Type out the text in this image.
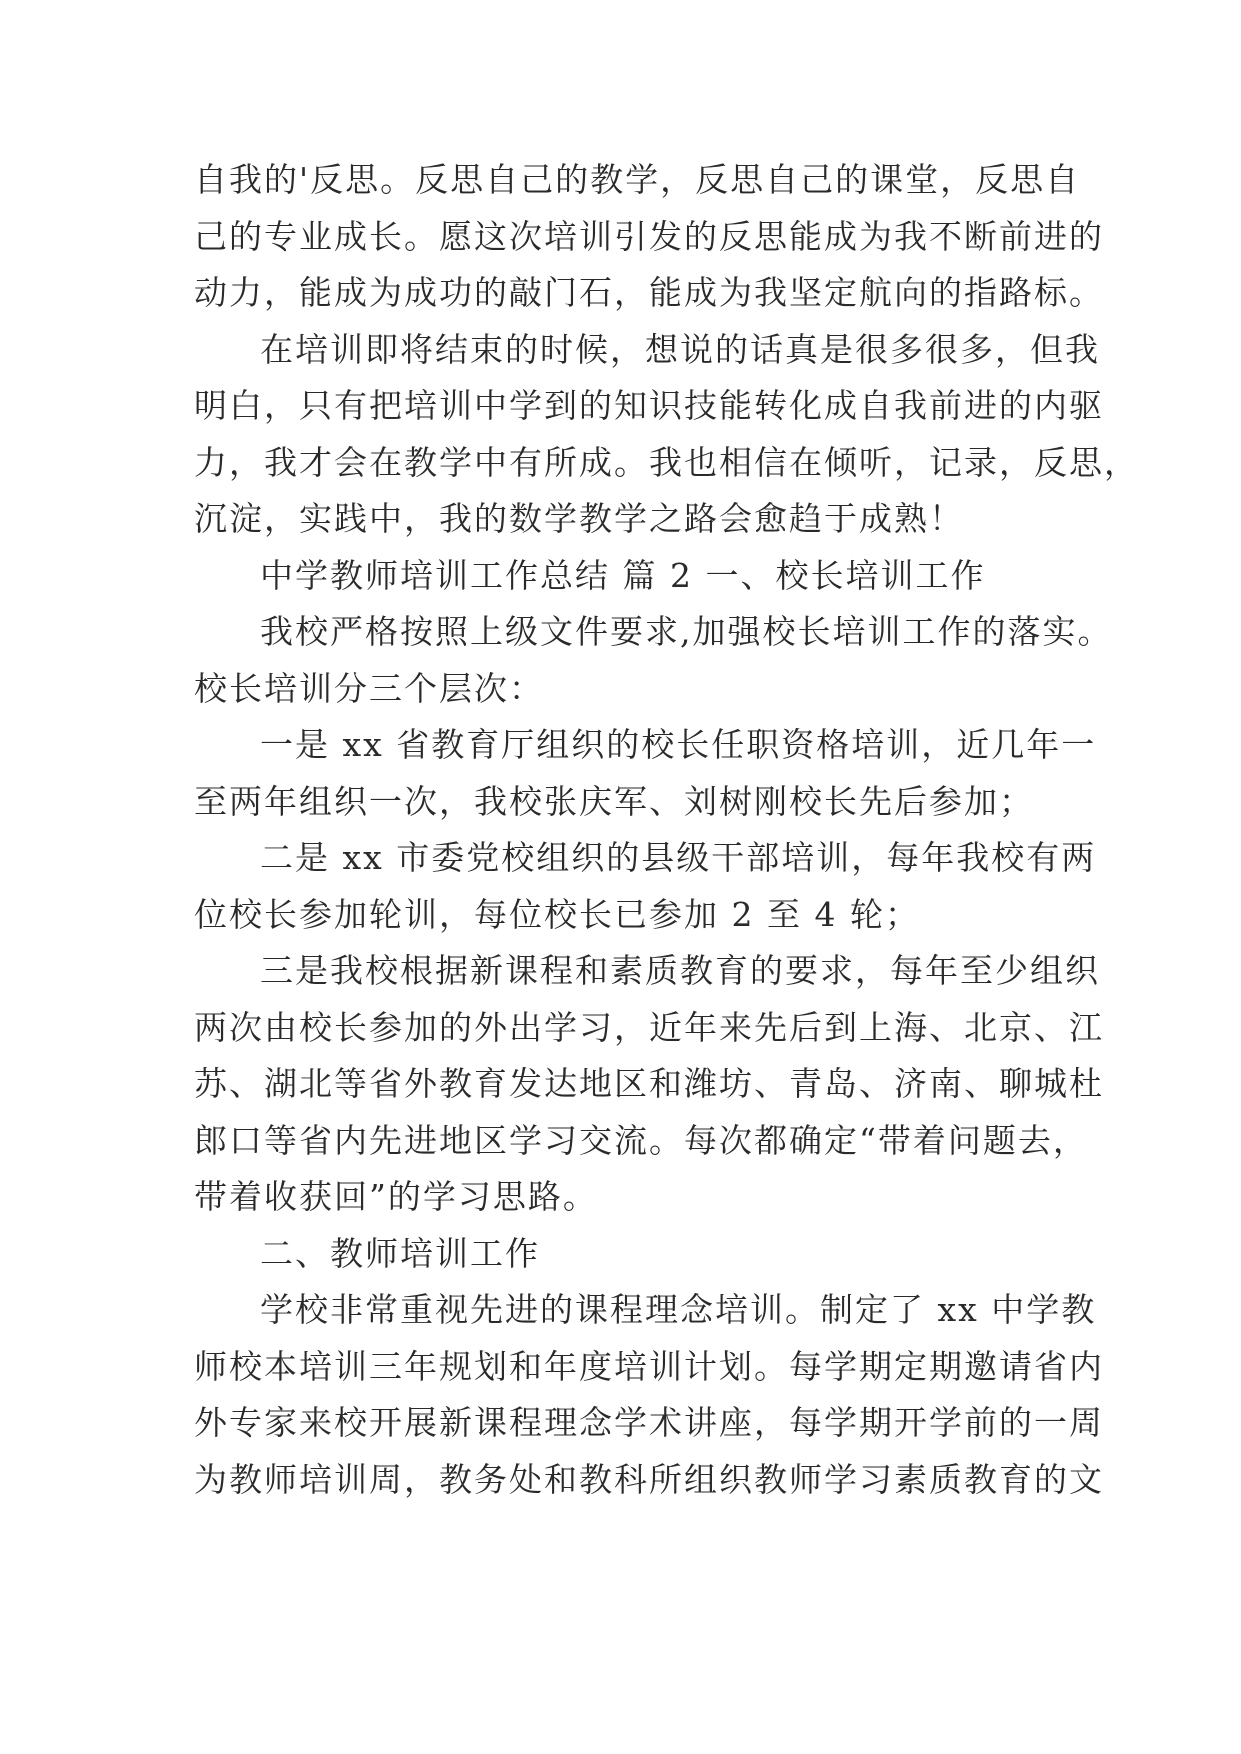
自我的'反思。反思自己的教学，反思自己的课堂，反思自
己的专业成长。愿这次培训引发的反思能成为我不断前进的
动力，能成为成功的敲门石，能成为我坚定航向的指路标。
在培训即将结束的时候，想说的话真是很多很多，但我
明白，只有把培训中学到的知识技能转化成自我前进的内驱
力，我才会在教学中有所成。我也相信在倾听，记录，反思，
沉淀，实践中，我的数学教学之路会愈趋于成熟！
中学教师培训工作总结 篇 2 一、校长培训工作
我校严格按照上级文件要求,加强校长培训工作的落实。
校长培训分三个层次：
一是 xx 省教育厅组织的校长任职资格培训，近几年一
至两年组织一次，我校张庆军、刘树刚校长先后参加；
二是 xx 市委党校组织的县级干部培训，每年我校有两
位校长参加轮训，每位校长已参加 2 至 4 轮；
三是我校根据新课程和素质教育的要求，每年至少组织
两次由校长参加的外出学习，近年来先后到上海、北京、江
苏、湖北等省外教育发达地区和潍坊、青岛、济南、聊城杜
郎口等省内先进地区学习交流。每次都确定“带着问题去，
带着收获回”的学习思路。
二、教师培训工作
学校非常重视先进的课程理念培训。制定了 xx 中学教
师校本培训三年规划和年度培训计划。每学期定期邀请省内
外专家来校开展新课程理念学术讲座，每学期开学前的一周
为教师培训周，教务处和教科所组织教师学习素质教育的文
